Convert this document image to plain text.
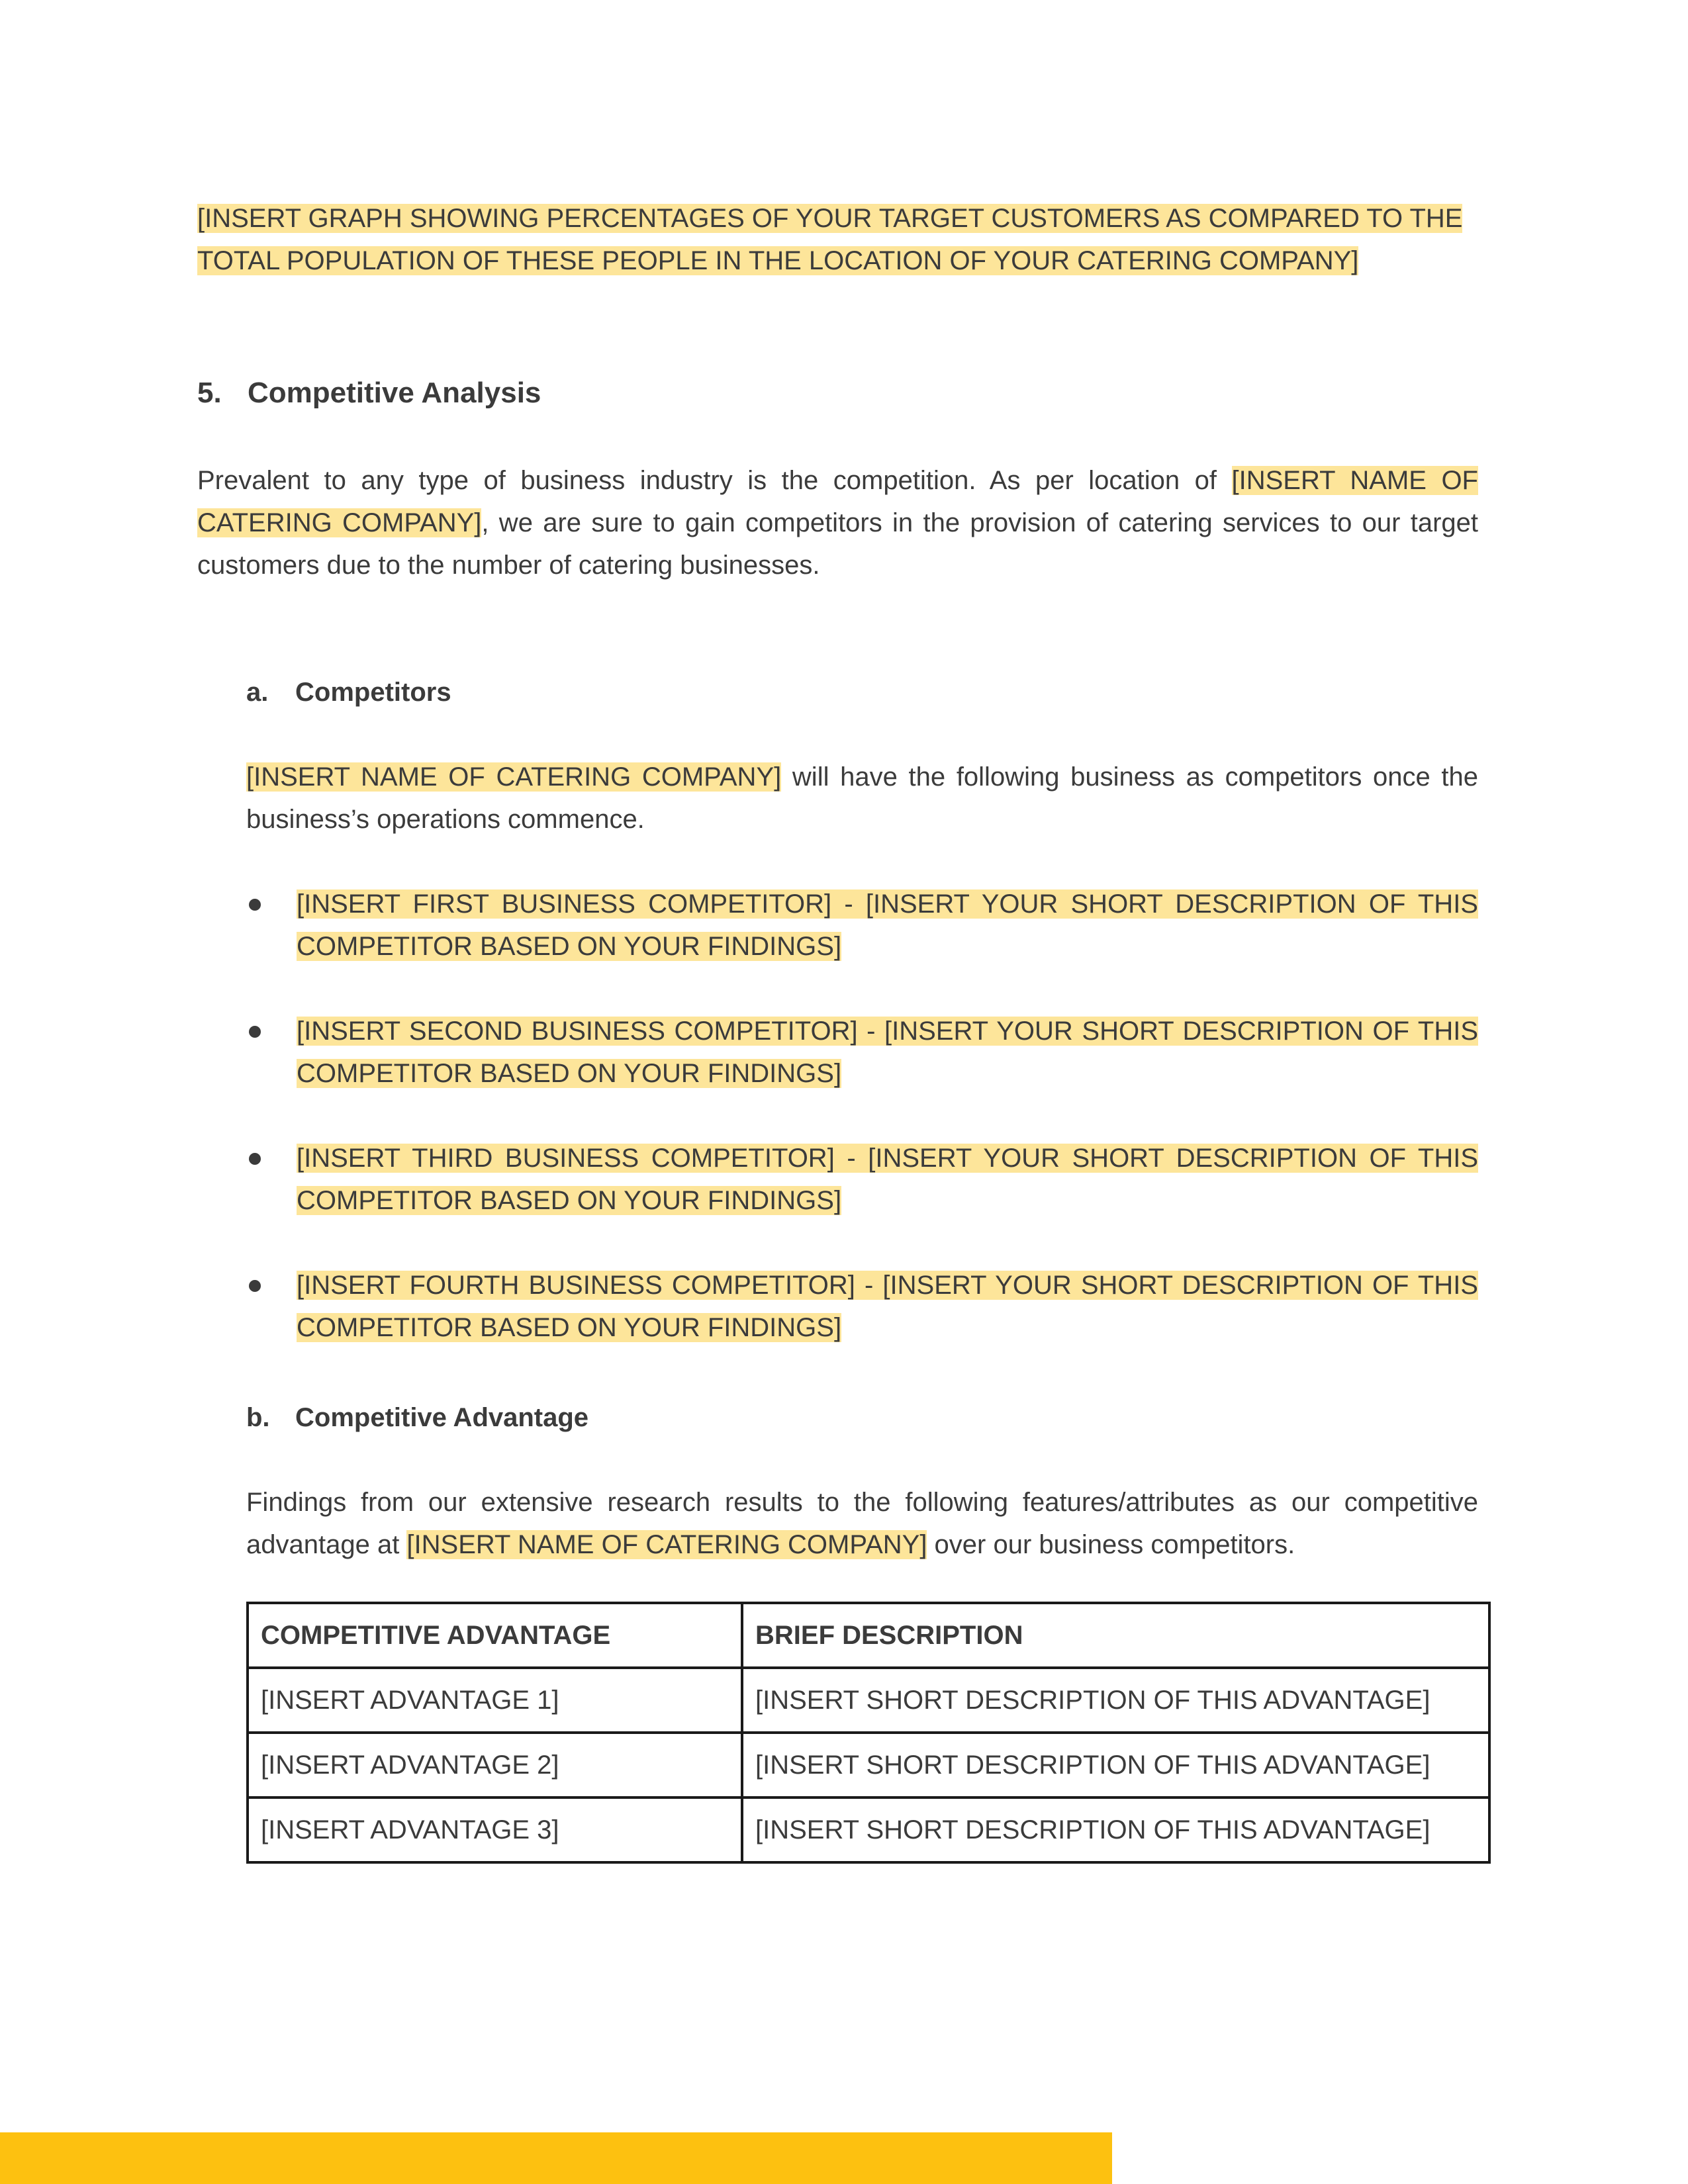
[INSERT GRAPH SHOWING PERCENTAGES OF YOUR TARGET CUSTOMERS AS COMPARED TO THE TOTAL POPULATION OF THESE PEOPLE IN THE LOCATION OF YOUR CATERING COMPANY]

5. Competitive Analysis

Prevalent to any type of business industry is the competition. As per location of [INSERT NAME OF CATERING COMPANY], we are sure to gain competitors in the provision of catering services to our target customers due to the number of catering businesses.

a. Competitors

[INSERT NAME OF CATERING COMPANY] will have the following business as competitors once the business’s operations commence.

[INSERT FIRST BUSINESS COMPETITOR] - [INSERT YOUR SHORT DESCRIPTION OF THIS COMPETITOR BASED ON YOUR FINDINGS]
[INSERT SECOND BUSINESS COMPETITOR] - [INSERT YOUR SHORT DESCRIPTION OF THIS COMPETITOR BASED ON YOUR FINDINGS]
[INSERT THIRD BUSINESS COMPETITOR] - [INSERT YOUR SHORT DESCRIPTION OF THIS COMPETITOR BASED ON YOUR FINDINGS]
[INSERT FOURTH BUSINESS COMPETITOR] - [INSERT YOUR SHORT DESCRIPTION OF THIS COMPETITOR BASED ON YOUR FINDINGS]

b. Competitive Advantage

Findings from our extensive research results to the following features/attributes as our competitive advantage at [INSERT NAME OF CATERING COMPANY] over our business competitors.

COMPETITIVE ADVANTAGE	BRIEF DESCRIPTION
[INSERT ADVANTAGE 1]	[INSERT SHORT DESCRIPTION OF THIS ADVANTAGE]
[INSERT ADVANTAGE 2]	[INSERT SHORT DESCRIPTION OF THIS ADVANTAGE]
[INSERT ADVANTAGE 3]	[INSERT SHORT DESCRIPTION OF THIS ADVANTAGE]
